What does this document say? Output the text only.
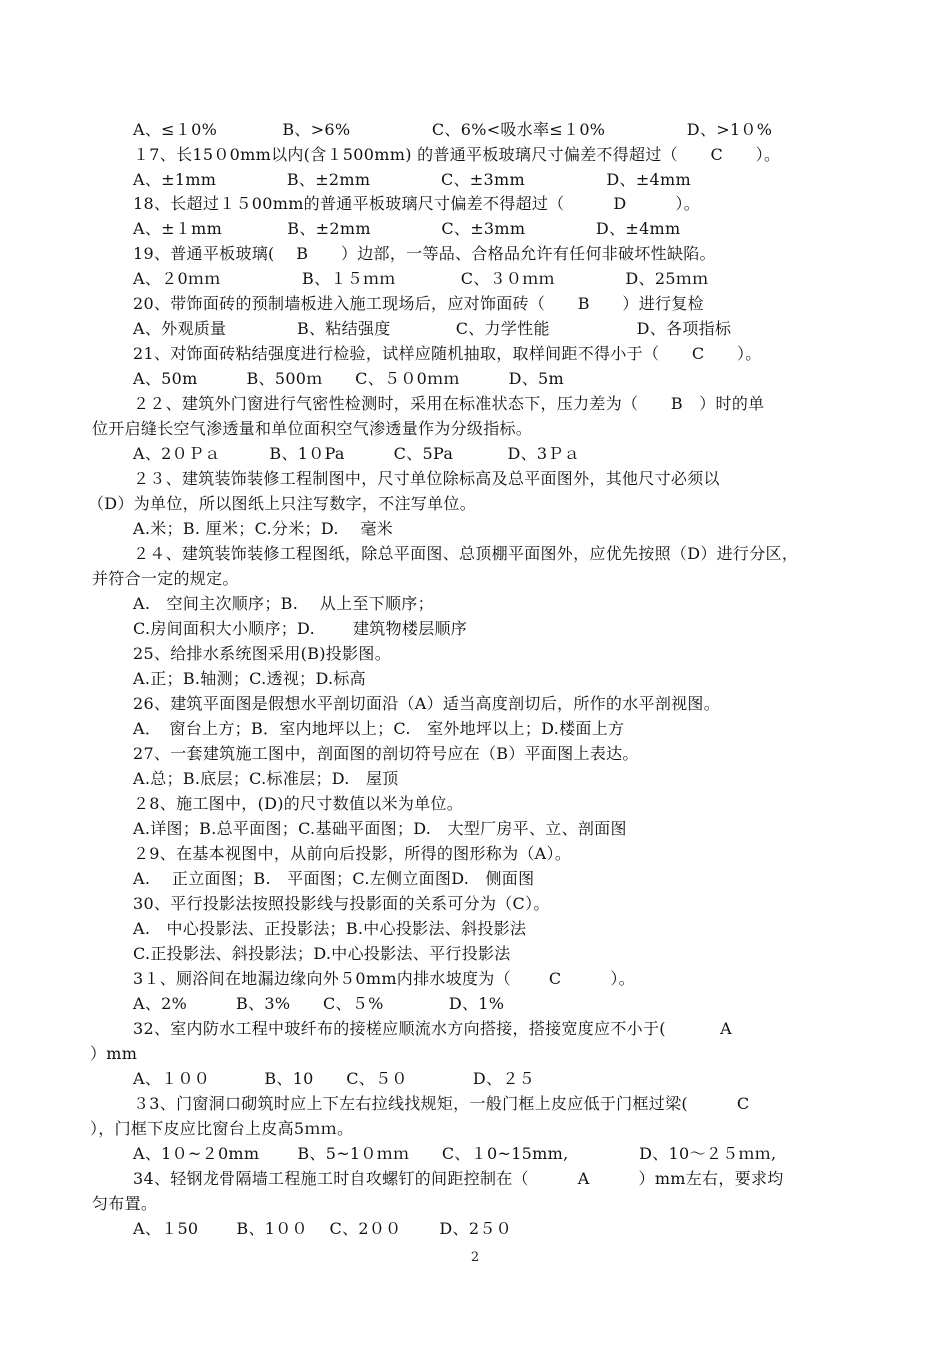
A、≤１0%　　　　B、>6%　　　　　C、6%<吸水率≤１0%　　　　　D、>1０%
１7、长15０0mm以内(含１500mm) 的普通平板玻璃尺寸偏差不得超过（　　C　　）。
A、±1mm　　　　 B、±2mm　　　　 C、±3mm　　　　　D、±4mm
18、长超过１５00mm的普通平板玻璃尺寸偏差不得超过（　　　D　　　）。
A、±１mm　　　　B、±2mm　　　　 C、±3mm　　　　 D、±4mm
19、普通平板玻璃(　 B　　）边部，一等品、合格品允许有任何非破坏性缺陷。
A、２0ｍｍ　　　　　B、１５ｍｍ　　　　C、３０ｍｍ　　　　 D、25ｍｍ
20、带饰面砖的预制墙板进入施工现场后，应对饰面砖（　　B　　）进行复检
A、外观质量　　　　 B、粘结强度　　　　C、力学性能　　　　　 D、各项指标
21、对饰面砖粘结强度进行检验，试样应随机抽取，取样间距不得小于（　　C　　）。
A、50m　　　B、500ｍ　　C、５０0ｍｍ　　　D、5m
２２、建筑外门窗进行气密性检测时，采用在标准状态下，压力差为（　　B　）时的单
位开启缝长空气渗透量和单位面积空气渗透量作为分级指标。
A、2０Ｐａ　　　B、1０Pa　　　C、5Pa　　　 D、3Ｐａ
２３、建筑装饰装修工程制图中，尺寸单位除标高及总平面图外，其他尺寸必须以
（D）为单位，所以图纸上只注写数字，不注写单位。
A.米；B. 厘米；C.分米；D.　 毫米
２４、建筑装饰装修工程图纸，除总平面图、总顶棚平面图外，应优先按照（D）进行分区，
并符合一定的规定。
A.　空间主次顺序；B.　 从上至下顺序；
C.房间面积大小顺序；D.　　 建筑物楼层顺序
25、给排水系统图采用(B)投影图。
A.正；B.轴测；C.透视；D.标高
26、建筑平面图是假想水平剖切面沿（A）适当高度剖切后，所作的水平剖视图。
A．　窗台上方；B．室内地坪以上；C.　室外地坪以上；D.楼面上方
27、一套建筑施工图中，剖面图的剖切符号应在（B）平面图上表达。
A.总；B.底层；C.标准层；D.　屋顶
２8、施工图中，(D)的尺寸数值以米为单位。
A.详图；B.总平面图；C.基础平面图；D.　大型厂房平、立、剖面图
２9、在基本视图中，从前向后投影，所得的图形称为（A）。
A.　 正立面图；B.　平面图；C.左侧立面图D.　侧面图
30、平行投影法按照投影线与投影面的关系可分为（C）。
A.　中心投影法、正投影法；B.中心投影法、斜投影法
C.正投影法、斜投影法；D.中心投影法、平行投影法
3１、厕浴间在地漏边缘向外５0mm内排水坡度为（　　 C　　　）。
A、2%　　　B、3%　　C、５%　　　　D、1%
32、室内防水工程中玻纤布的接槎应顺流水方向搭接，搭接宽度应不小于(　　　 A
）mm
A、１００　　　 B、10　　C、５０　　　　D、２５
３3、门窗洞口砌筑时应上下左右拉线找规矩，一般门框上皮应低于门框过梁(　　　C
），门框下皮应比窗台上皮高5ｍｍ。
A、1０~２0mm　　 B、5~1０ｍｍ　　C、１0~15mm,　　　　 D、10～２５ｍｍ,
34、轻钢龙骨隔墙工程施工时自攻螺钉的间距控制在（　　　A　　　）mm左右，要求均
匀布置。
A、１50　　 B、1００　 C、2００　　 D、2５０
2
